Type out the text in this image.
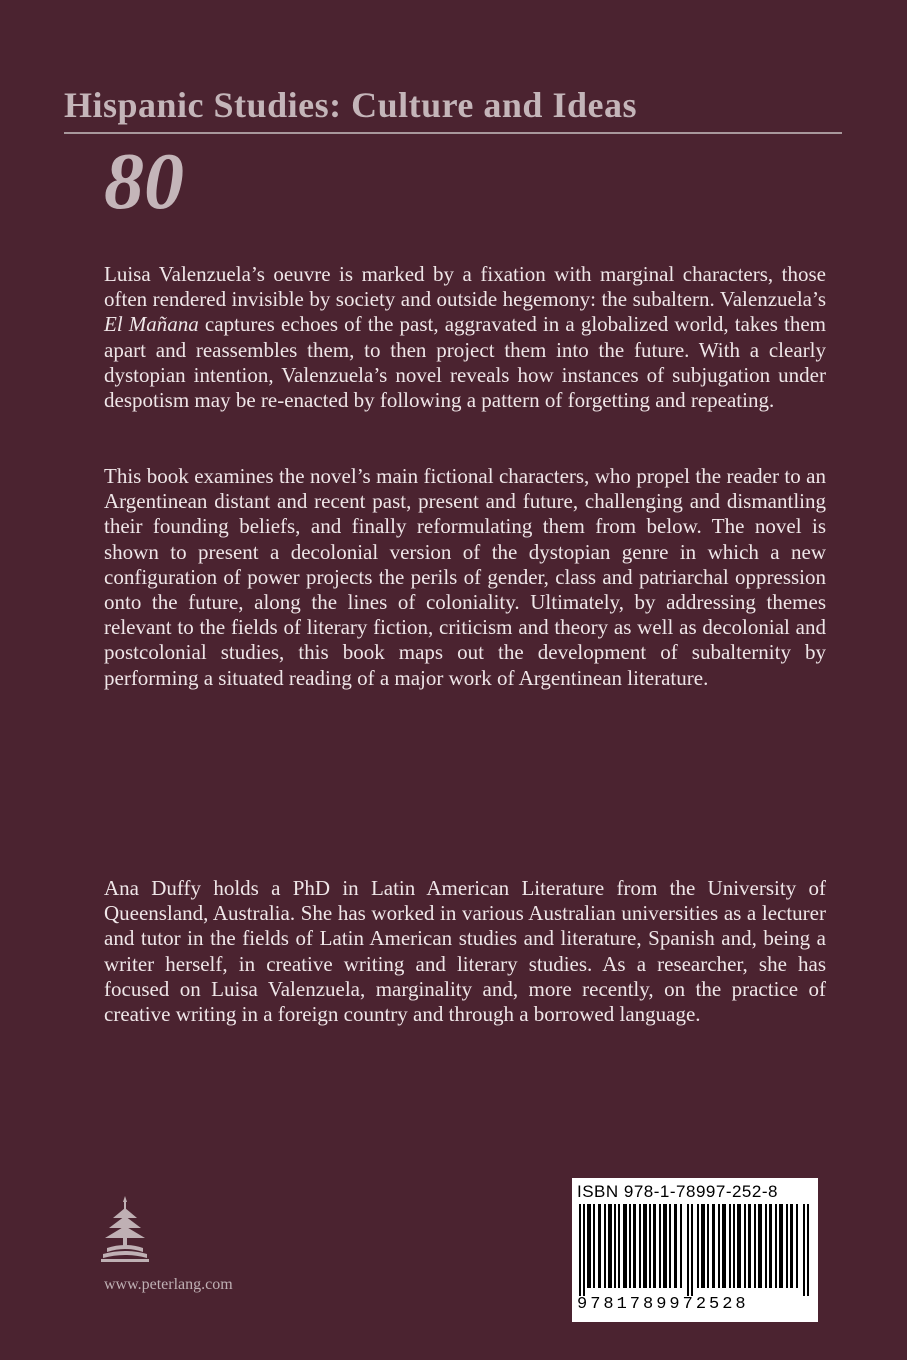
Hispanic Studies: Culture and Ideas
80

Luisa Valenzuela’s oeuvre is marked by a fixation with marginal characters, those often rendered invisible by society and outside hegemony: the subaltern. Valenzuela’s El Mañana captures echoes of the past, aggravated in a globalized world, takes them apart and reassembles them, to then project them into the future. With a clearly dystopian intention, Valenzuela’s novel reveals how instances of subjugation under despotism may be re-enacted by following a pattern of forgetting and repeating.

This book examines the novel’s main fictional characters, who propel the reader to an Argentinean distant and recent past, present and future, challenging and dismantling their founding beliefs, and finally reformulating them from below. The novel is shown to present a decolonial version of the dystopian genre in which a new configuration of power projects the perils of gender, class and patriarchal oppression onto the future, along the lines of coloniality. Ultimately, by addressing themes relevant to the fields of literary fiction, criticism and theory as well as decolonial and postcolonial studies, this book maps out the development of subalternity by performing a situated reading of a major work of Argentinean literature.

Ana Duffy holds a PhD in Latin American Literature from the University of Queensland, Australia. She has worked in various Australian universities as a lecturer and tutor in the fields of Latin American studies and literature, Spanish and, being a writer herself, in creative writing and literary studies. As a researcher, she has focused on Luisa Valenzuela, marginality and, more recently, on the practice of creative writing in a foreign country and through a borrowed language.

www.peterlang.com
ISBN 978-1-78997-252-8
9781789972528
